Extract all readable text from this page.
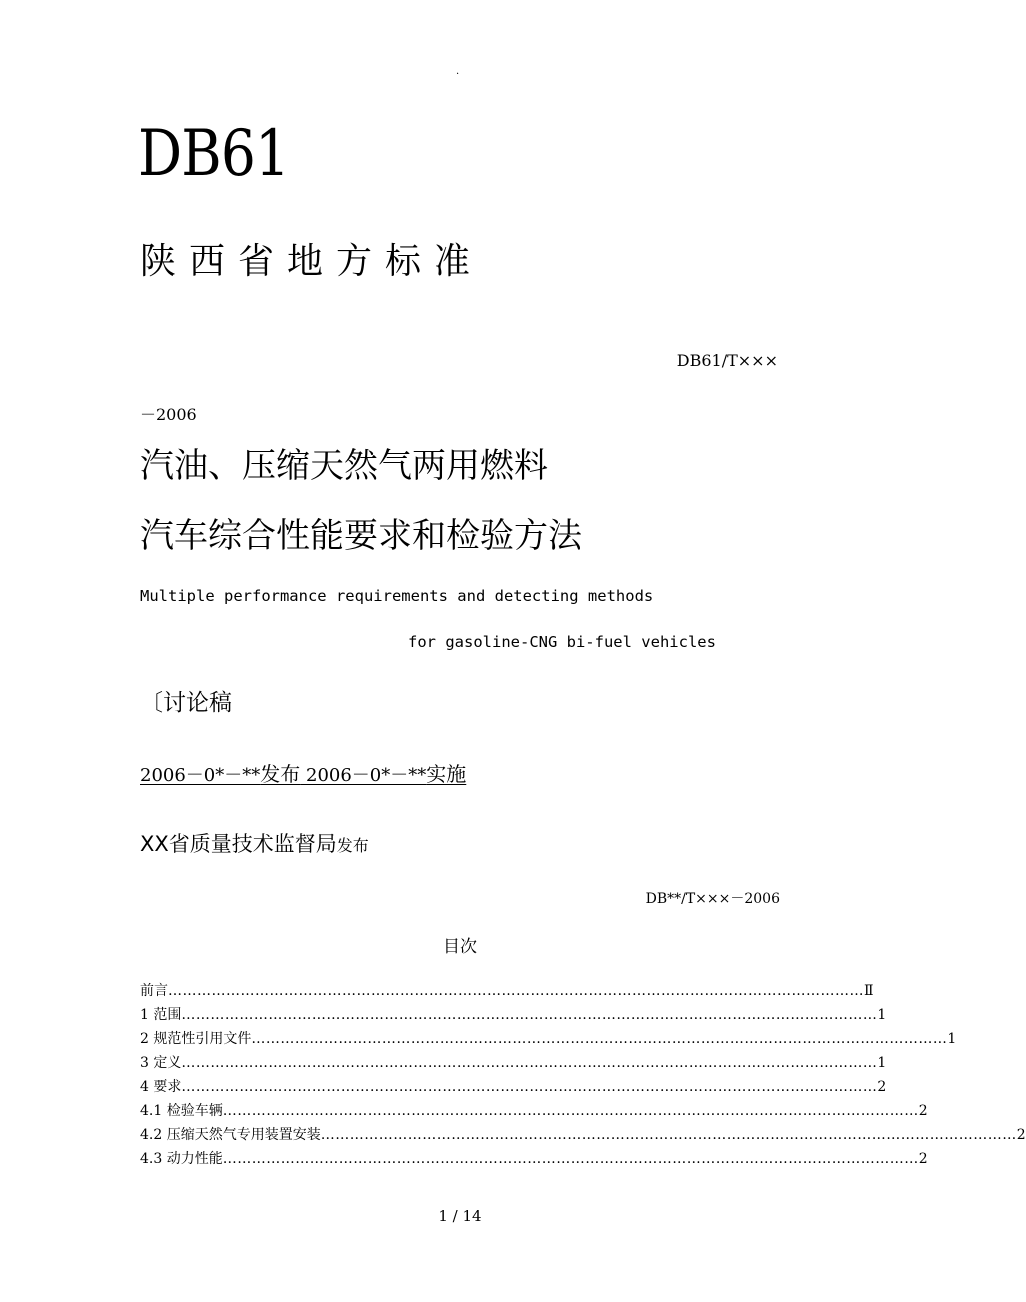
.
DB61
陕西省地方标准
DB61/T×××
－2006
汽油、压缩天然气两用燃料
汽车综合性能要求和检验方法
Multiple performance requirements and detecting methods
for gasoline-CNG bi-fuel vehicles
〔讨论稿
2006－0*－**发布 2006－0*－**实施
XX省质量技术监督局发布
DB**/T×××－2006
目次
前言 ……………………………………………………………………………………………………………………………… Ⅱ
1 范围 ……………………………………………………………………………………………………………………………… 1
2 规范性引用文件 ……………………………………………………………………………………………………………………………… 1
3 定义 ……………………………………………………………………………………………………………………………… 1
4 要求 ……………………………………………………………………………………………………………………………… 2
4.1 检验车辆 ……………………………………………………………………………………………………………………………… 2
4.2 压缩天然气专用装置安装 ……………………………………………………………………………………………………………………………… 2
4.3 动力性能 ……………………………………………………………………………………………………………………………… 2
1 / 14
